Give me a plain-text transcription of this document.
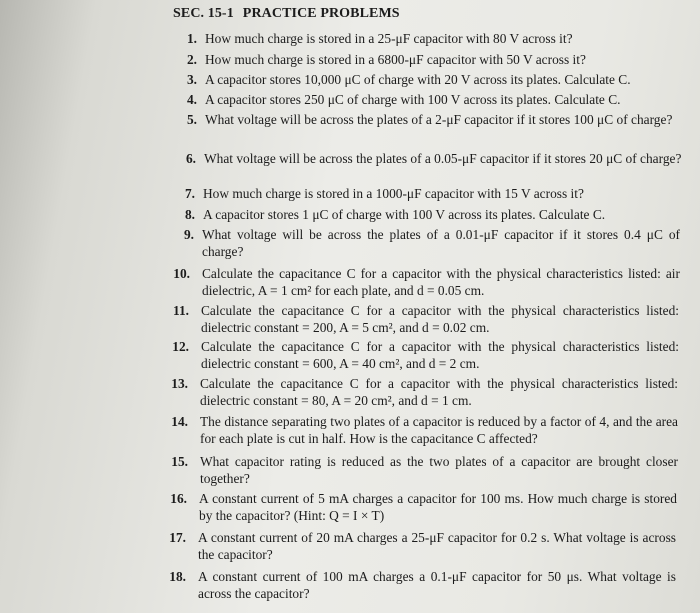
SEC. 15-1 PRACTICE PROBLEMS
1. How much charge is stored in a 25-μF capacitor with 80 V across it?
2. How much charge is stored in a 6800-μF capacitor with 50 V across it?
3. A capacitor stores 10,000 μC of charge with 20 V across its plates. Calculate C.
4. A capacitor stores 250 μC of charge with 100 V across its plates. Calculate C.
5. What voltage will be across the plates of a 2-μF capacitor if it stores 100 μC of charge?
6. What voltage will be across the plates of a 0.05-μF capacitor if it stores 20 μC of charge?
7. How much charge is stored in a 1000-μF capacitor with 15 V across it?
8. A capacitor stores 1 μC of charge with 100 V across its plates. Calculate C.
9. What voltage will be across the plates of a 0.01-μF capacitor if it stores 0.4 μC of charge?
10. Calculate the capacitance C for a capacitor with the physical characteristics listed: air dielectric, A = 1 cm² for each plate, and d = 0.05 cm.
11. Calculate the capacitance C for a capacitor with the physical characteristics listed: dielectric constant = 200, A = 5 cm², and d = 0.02 cm.
12. Calculate the capacitance C for a capacitor with the physical characteristics listed: dielectric constant = 600, A = 40 cm², and d = 2 cm.
13. Calculate the capacitance C for a capacitor with the physical characteristics listed: dielectric constant = 80, A = 20 cm², and d = 1 cm.
14. The distance separating two plates of a capacitor is reduced by a factor of 4, and the area for each plate is cut in half. How is the capacitance C affected?
15. What capacitor rating is reduced as the two plates of a capacitor are brought closer together?
16. A constant current of 5 mA charges a capacitor for 100 ms. How much charge is stored by the capacitor? (Hint: Q = I × T)
17. A constant current of 20 mA charges a 25-μF capacitor for 0.2 s. What voltage is across the capacitor?
18. A constant current of 100 mA charges a 0.1-μF capacitor for 50 μs. What voltage is across the capacitor?
